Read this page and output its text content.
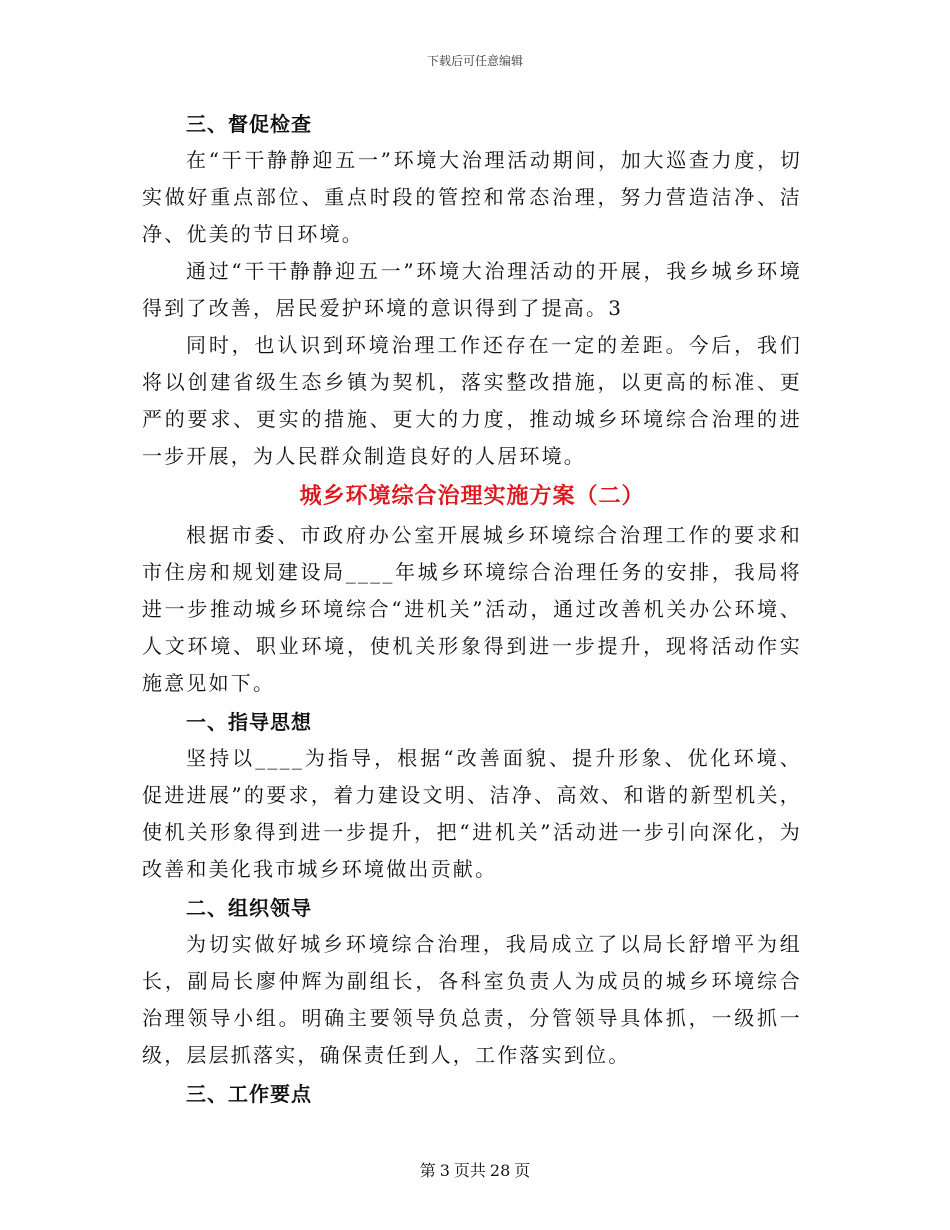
下载后可任意编辑
三、督促检查

在“干干静静迎五一”环境大治理活动期间，加大巡查力度，切实做好重点部位、重点时段的管控和常态治理，努力营造洁净、洁净、优美的节日环境。

通过“干干静静迎五一”环境大治理活动的开展，我乡城乡环境得到了改善，居民爱护环境的意识得到了提高。3

同时，也认识到环境治理工作还存在一定的差距。今后，我们将以创建省级生态乡镇为契机，落实整改措施，以更高的标准、更严的要求、更实的措施、更大的力度，推动城乡环境综合治理的进一步开展，为人民群众制造良好的人居环境。

城乡环境综合治理实施方案（二）

根据市委、市政府办公室开展城乡环境综合治理工作的要求和市住房和规划建设局____年城乡环境综合治理任务的安排，我局将进一步推动城乡环境综合“进机关”活动，通过改善机关办公环境、人文环境、职业环境，使机关形象得到进一步提升，现将活动作实施意见如下。

一、指导思想

坚持以____为指导，根据“改善面貌、提升形象、优化环境、促进进展”的要求，着力建设文明、洁净、高效、和谐的新型机关，使机关形象得到进一步提升，把“进机关”活动进一步引向深化，为改善和美化我市城乡环境做出贡献。

二、组织领导

为切实做好城乡环境综合治理，我局成立了以局长舒增平为组长，副局长廖仲辉为副组长，各科室负责人为成员的城乡环境综合治理领导小组。明确主要领导负总责，分管领导具体抓，一级抓一级，层层抓落实，确保责任到人，工作落实到位。

三、工作要点
第 3 页共 28 页
